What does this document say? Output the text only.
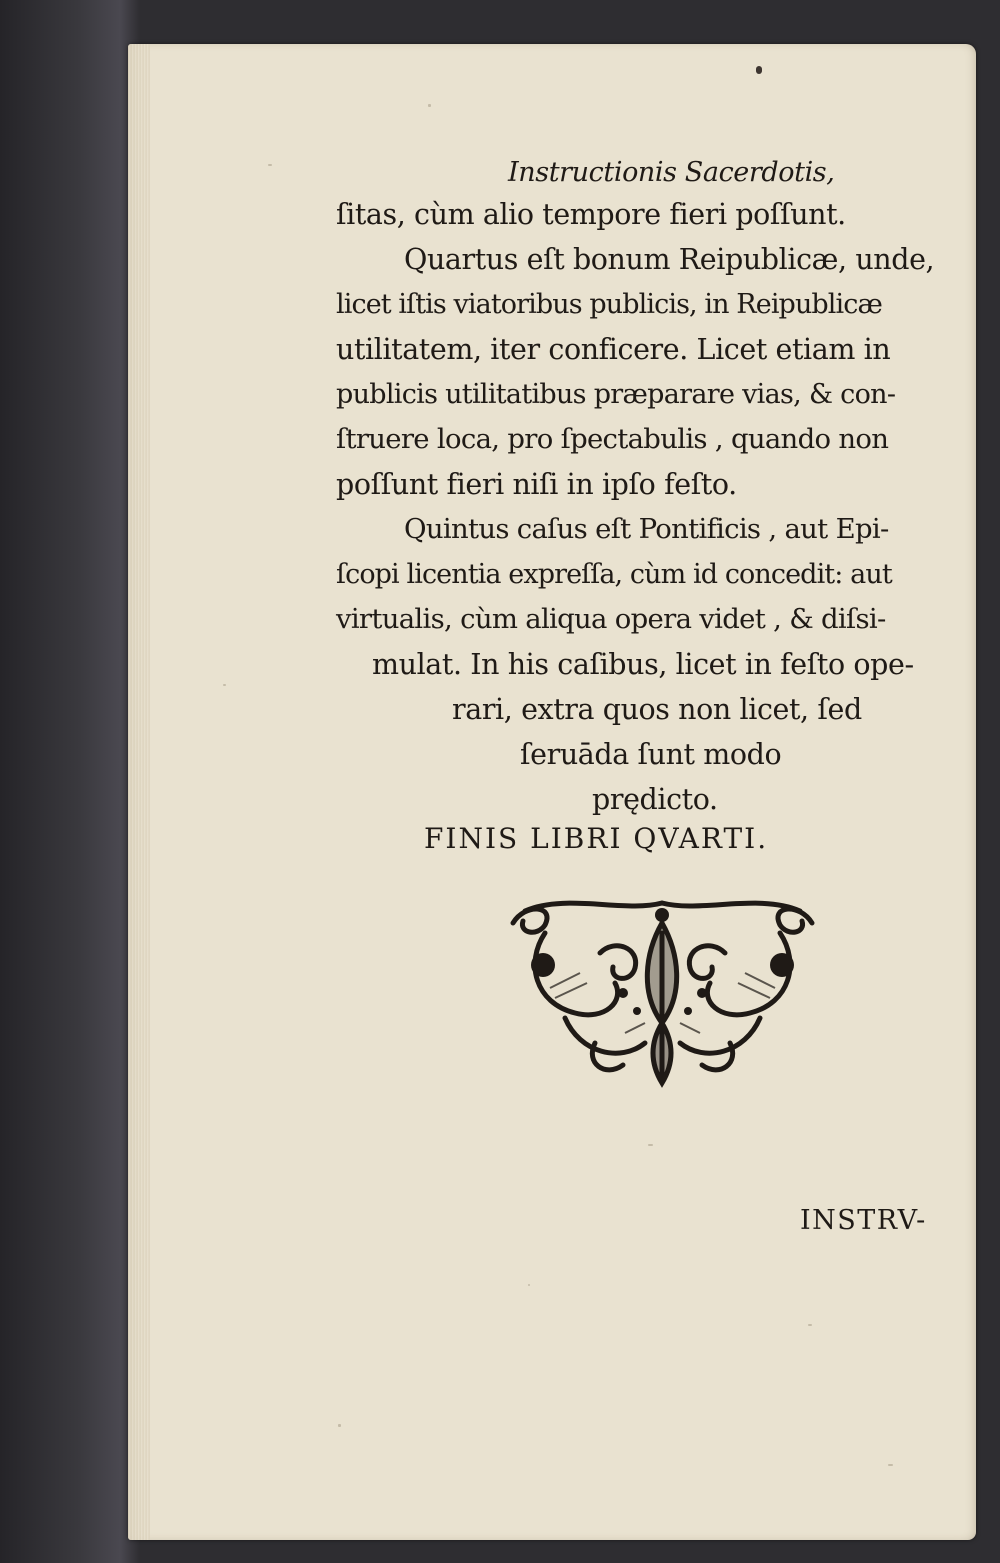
Instructionis Sacerdotis,
ſitas, cùm alio tempore fieri poſſunt.
Quartus eſt bonum Reipublicæ, unde,
licet iſtis viatoribus publicis, in Reipublicæ
utilitatem, iter conficere. Licet etiam in
publicis utilitatibus præparare vias, & con-
ſtruere loca, pro ſpectabulis , quando non
poſſunt fieri niſi in ipſo feſto.
Quintus caſus eſt Pontificis , aut Epi-
ſcopi licentia expreſſa, cùm id concedit: aut
virtualis, cùm aliqua opera videt , & diſsi-
mulat. In his caſibus, licet in feſto ope-
rari, extra quos non licet, ſed
ſeruāda ſunt modo
prędicto.
FINIS LIBRI QVARTI.
INSTRV-
